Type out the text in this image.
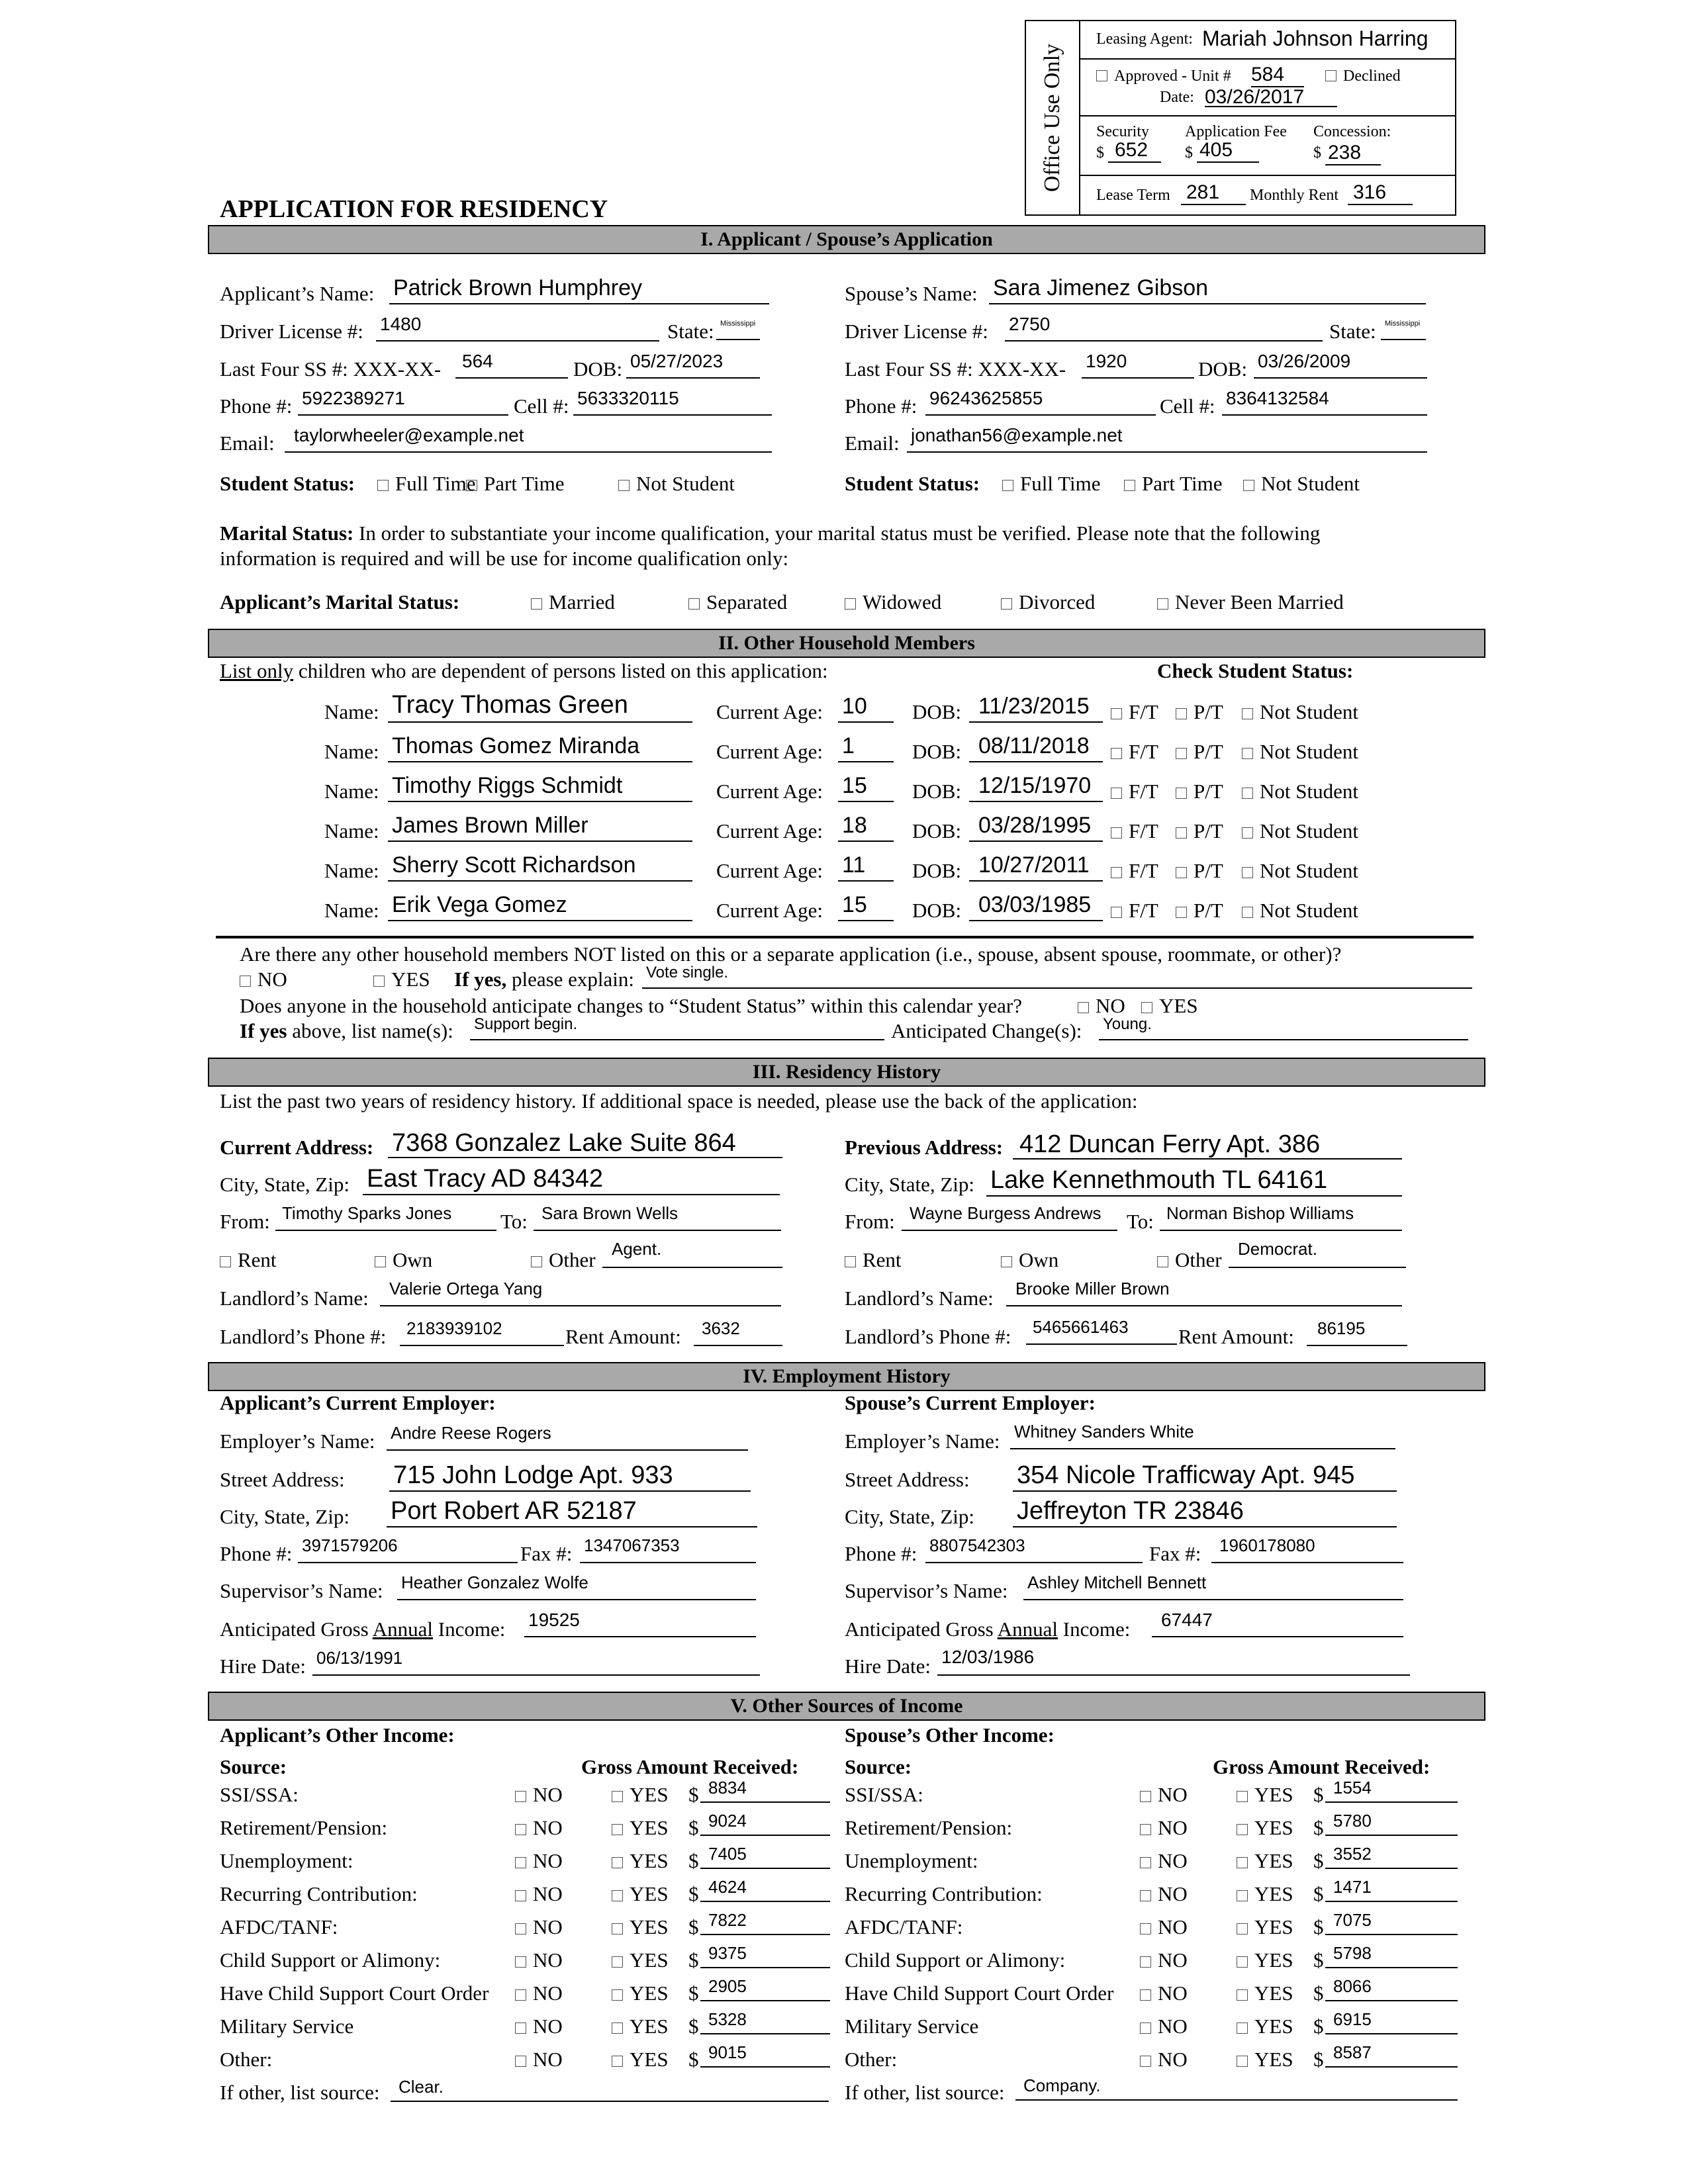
Office Use Only
Leasing Agent: Mariah Johnson Harring
Approved - Unit # 584	Declined
Date: 03/26/2017
Security
$ 652
Application Fee
$ 405
Concession:
$ 238
Lease Term 281	Monthly Rent 316
APPLICATION FOR RESIDENCY
I. Applicant / Spouse’s Application
Applicant’s Name: Patrick Brown Humphrey
Driver License #: 1480	State: Mississippi
Last Four SS #: XXX-XX-	564	DOB: 05/27/2023
Phone #: 5922389271	Cell #: 5633320115
Email:	taylorwheeler@example.net
Student Status:	Full Time Part Time	Not Student
Spouse’s Name: Sara Jimenez Gibson
Driver License #: 2750	State:	Mississippi
Last Four SS #: XXX-XX- 1920	DOB: 03/26/2009
Phone #: 96243625855	Cell #: 8364132584
Email: jonathan56@example.net
Student Status:	Full Time	Part Time	Not Student
Marital Status: In order to substantiate your income qualification, your marital status must be verified. Please note that the following
information is required and will be use for income qualification only:
Applicant’s Marital Status:	Married	Separated	Widowed	Divorced	Never Been Married
II. Other Household Members
List only children who are dependent of persons listed on this application:	Check Student Status:
Name: Tracy Thomas Green	Current Age: 10	DOB: 11/23/2015	F/T	P/T	Not Student
Name: Thomas Gomez Miranda	Current Age: 1	DOB: 08/11/2018	F/T	P/T	Not Student
Name: Timothy Riggs Schmidt	Current Age: 15	DOB: 12/15/1970	F/T	P/T	Not Student
Name: James Brown Miller	Current Age: 18	DOB: 03/28/1995	F/T	P/T	Not Student
Name: Sherry Scott Richardson	Current Age: 11	DOB: 10/27/2011	F/T	P/T	Not Student
Name: Erik Vega Gomez	Current Age: 15	DOB: 03/03/1985	F/T	P/T	Not Student
Are there any other household members NOT listed on this or a separate application (i.e., spouse, absent spouse, roommate, or other)?
NO	YES If yes, please explain: Vote single.
Does anyone in the household anticipate changes to “Student Status” within this calendar year?	NO	YES
If yes above, list name(s): Support begin.	Anticipated Change(s): Young.
III. Residency History
List the past two years of residency history. If additional space is needed, please use the back of the application:
Current Address: 7368 Gonzalez Lake Suite 864
City, State, Zip: East Tracy AD 84342
From: Timothy Sparks Jones	To: Sara Brown Wells
Rent	Own	Other Agent.
Landlord’s Name:	Valerie Ortega Yang
Landlord’s Phone #:	2183939102	Rent Amount:	3632
Previous Address: 412 Duncan Ferry Apt. 386
City, State, Zip: Lake Kennethmouth TL 64161
From: Wayne Burgess Andrews	To: Norman Bishop Williams
Rent	Own	Other Democrat.
Landlord’s Name:	Brooke Miller Brown
Landlord’s Phone #:	5465661463	Rent Amount:	86195
IV. Employment History
Applicant’s Current Employer:	Spouse’s Current Employer:
Employer’s Name: Andre Reese Rogers
Street Address: 715 John Lodge Apt. 933
City, State, Zip: Port Robert AR 52187
Phone #: 3971579206	Fax #: 1347067353
Supervisor’s Name: Heather Gonzalez Wolfe
Anticipated Gross Annual Income: 19525
Hire Date: 06/13/1991
Employer’s Name: Whitney Sanders White
Street Address: 354 Nicole Trafficway Apt. 945
City, State, Zip: Jeffreyton TR 23846
Phone #: 8807542303	Fax #:	1960178080
Supervisor’s Name: Ashley Mitchell Bennett
Anticipated Gross Annual Income:	67447
Hire Date: 12/03/1986
V. Other Sources of Income
Applicant’s Other Income:	Spouse’s Other Income:
Source:	Gross Amount Received: Source:	Gross Amount Received:
SSI/SSA:	NO	YES $ 8834	SSI/SSA:	NO	YES $ 1554
Retirement/Pension:	NO	YES $ 9024	Retirement/Pension:	NO	YES $ 5780
Unemployment:	NO	YES $ 7405	Unemployment:	NO	YES $ 3552
Recurring Contribution:	NO	YES $ 4624	Recurring Contribution:	NO	YES $ 1471
AFDC/TANF:	NO	YES $ 7822	AFDC/TANF:	NO	YES $ 7075
Child Support or Alimony:	NO	YES $ 9375	Child Support or Alimony:	NO	YES $ 5798
Have Child Support Court Order	NO	YES $ 2905	Have Child Support Court Order	NO	YES $ 8066
Military Service	NO	YES $ 5328	Military Service	NO	YES $ 6915
Other:	NO	YES $ 9015	Other:	NO	YES $ 8587
If other, list source:	Clear.	If other, list source:	Company.
